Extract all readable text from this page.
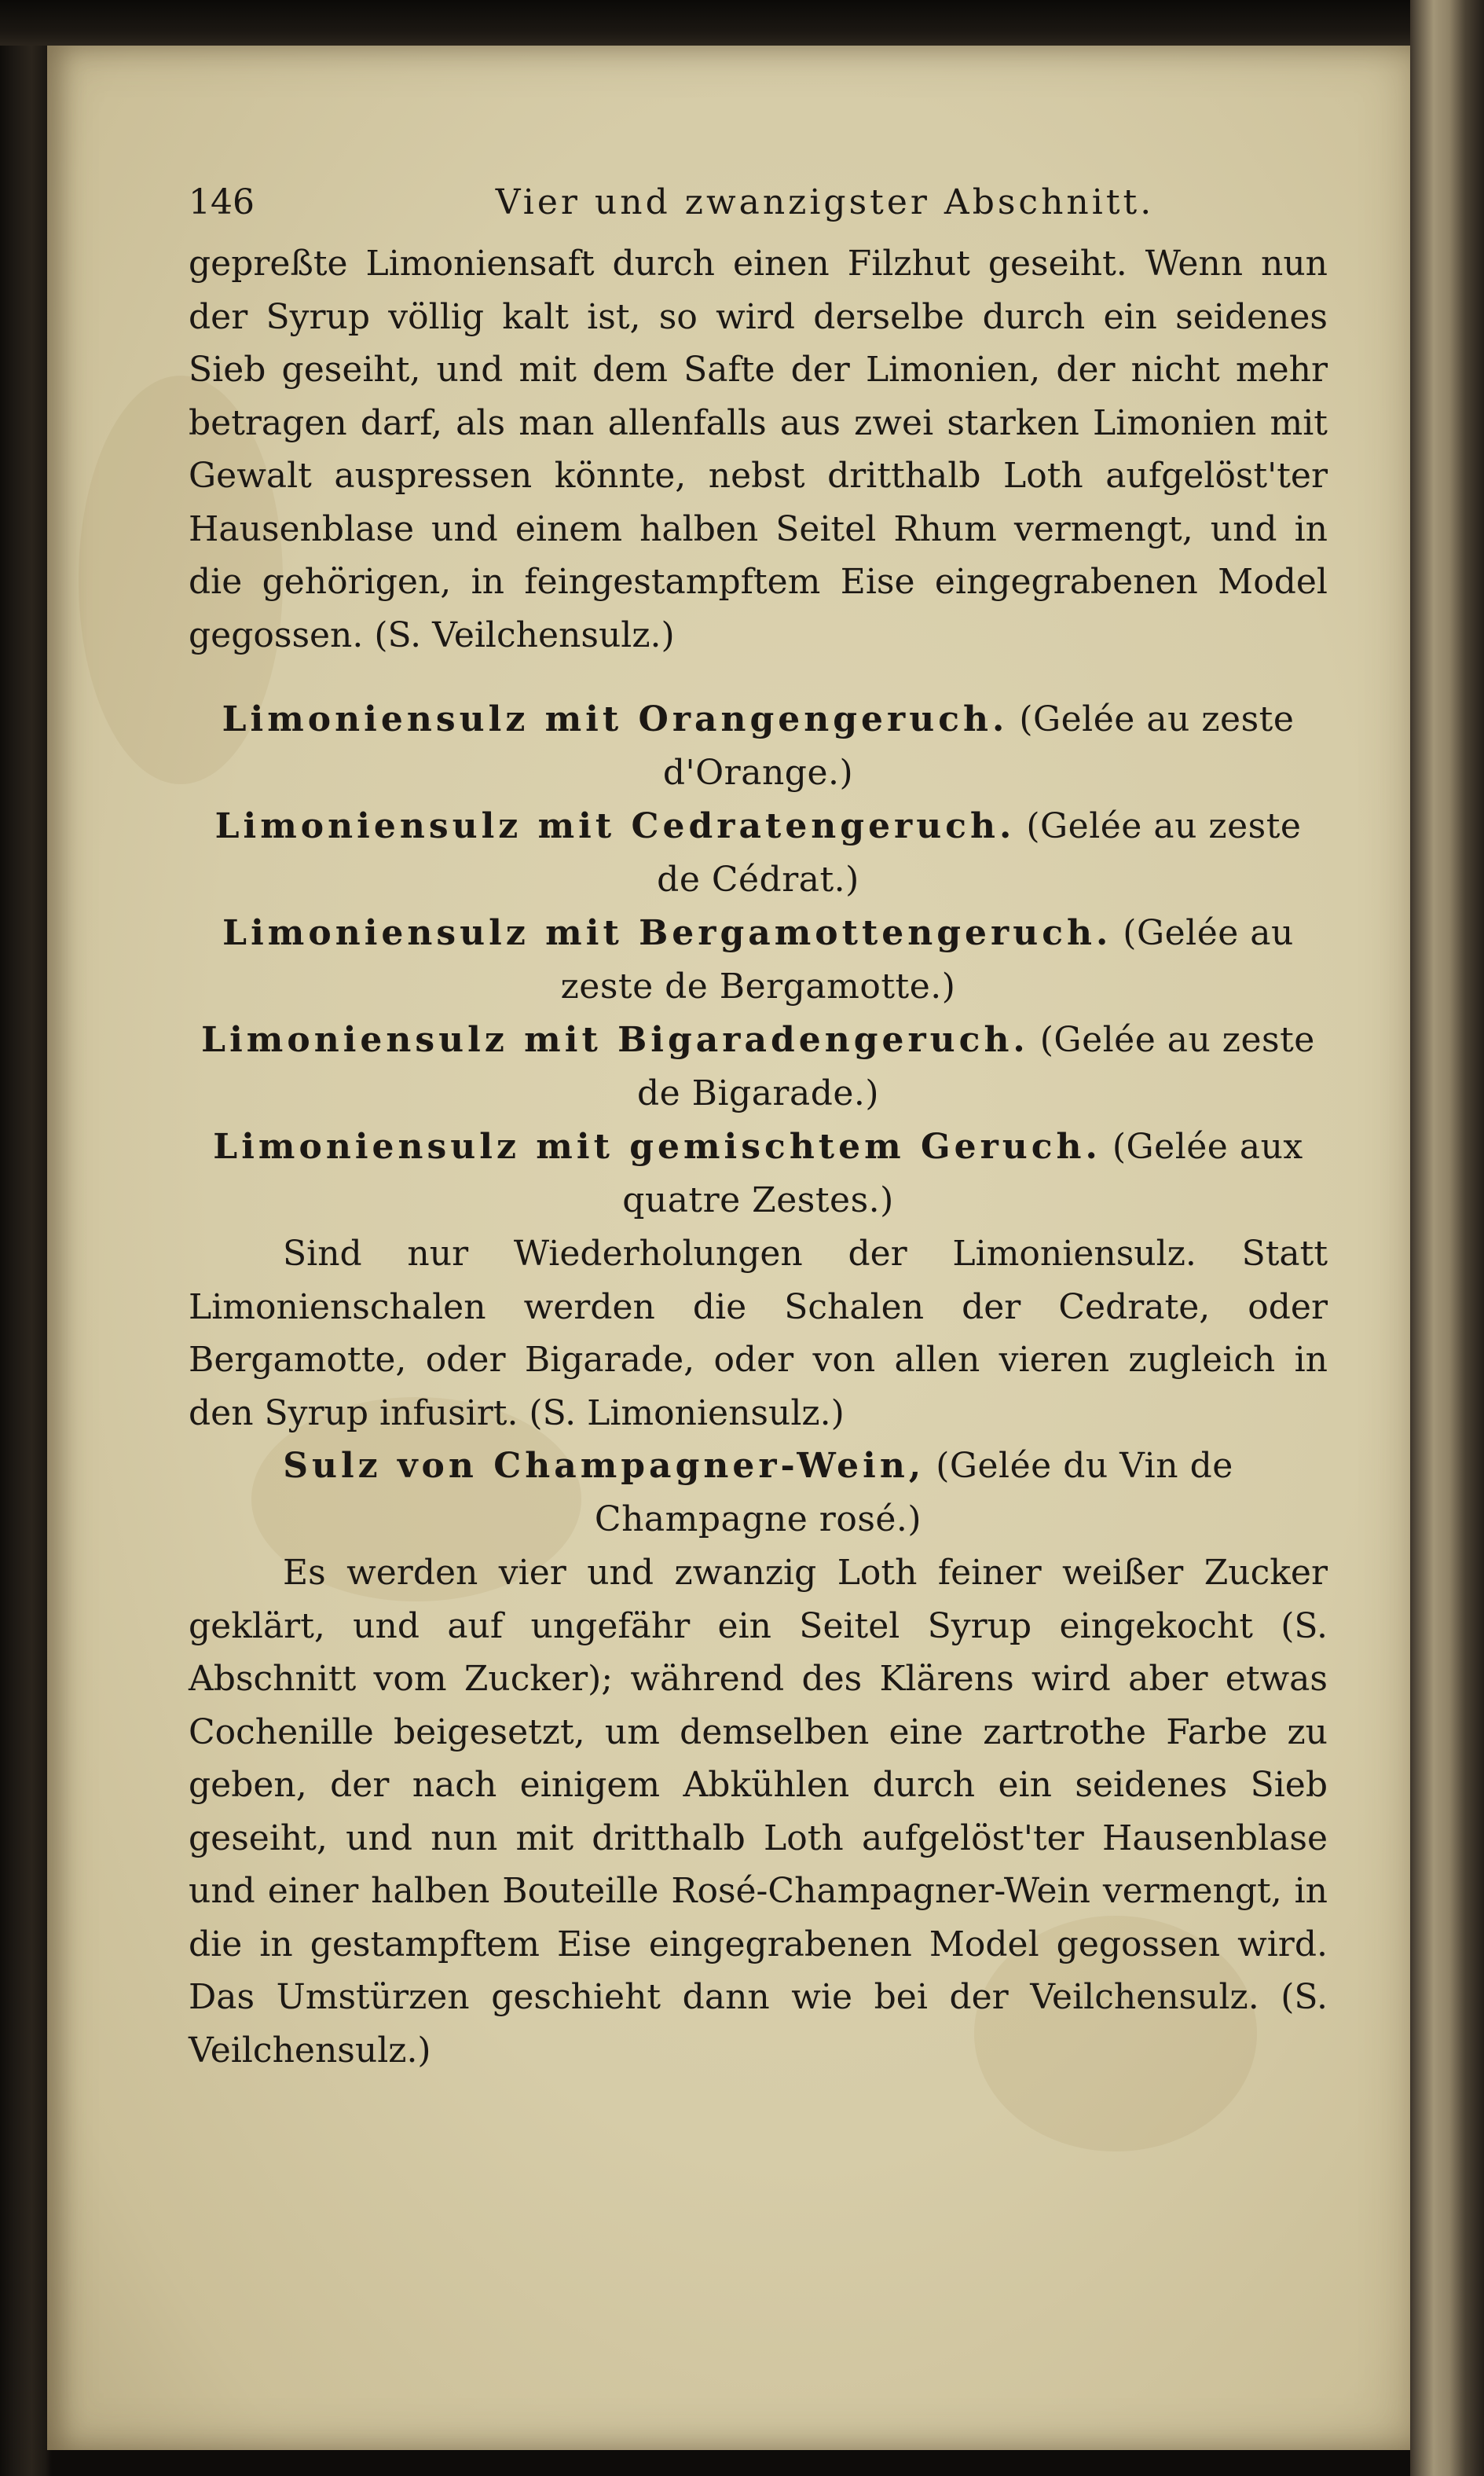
146	Vier und zwanzigster Abschnitt.

gepreßte Limoniensaft durch einen Filzhut geseiht. Wenn nun der Syrup völlig kalt ist, so wird derselbe durch ein seidenes Sieb geseiht, und mit dem Safte der Limonien, der nicht mehr betragen darf, als man allenfalls aus zwei starken Limonien mit Gewalt auspressen könnte, nebst dritthalb Loth aufgelöst'ter Hausenblase und einem halben Seitel Rhum vermengt, und in die gehörigen, in feingestampftem Eise eingegrabenen Model gegossen. (S. Veilchensulz.)

Limoniensulz mit Orangengeruch. (Gelée au zeste d'Orange.)

Limoniensulz mit Cedratengeruch. (Gelée au zeste de Cédrat.)

Limoniensulz mit Bergamottengeruch. (Gelée au zeste de Bergamotte.)

Limoniensulz mit Bigaradengeruch. (Gelée au zeste de Bigarade.)

Limoniensulz mit gemischtem Geruch. (Gelée aux quatre Zestes.)

Sind nur Wiederholungen der Limoniensulz. Statt Limonienschalen werden die Schalen der Cedrate, oder Bergamotte, oder Bigarade, oder von allen vieren zugleich in den Syrup infusirt. (S. Limoniensulz.)

Sulz von Champagner-Wein, (Gelée du Vin de Champagne rosé.)

Es werden vier und zwanzig Loth feiner weißer Zucker geklärt, und auf ungefähr ein Seitel Syrup eingekocht (S. Abschnitt vom Zucker); während des Klärens wird aber etwas Cochenille beigesetzt, um demselben eine zartrothe Farbe zu geben, der nach einigem Abkühlen durch ein seidenes Sieb geseiht, und nun mit dritthalb Loth aufgelöst'ter Hausenblase und einer halben Bouteille Rosé-Champagner-Wein vermengt, in die in gestampftem Eise eingegrabenen Model gegossen wird. Das Umstürzen geschieht dann wie bei der Veilchensulz. (S. Veilchensulz.)
